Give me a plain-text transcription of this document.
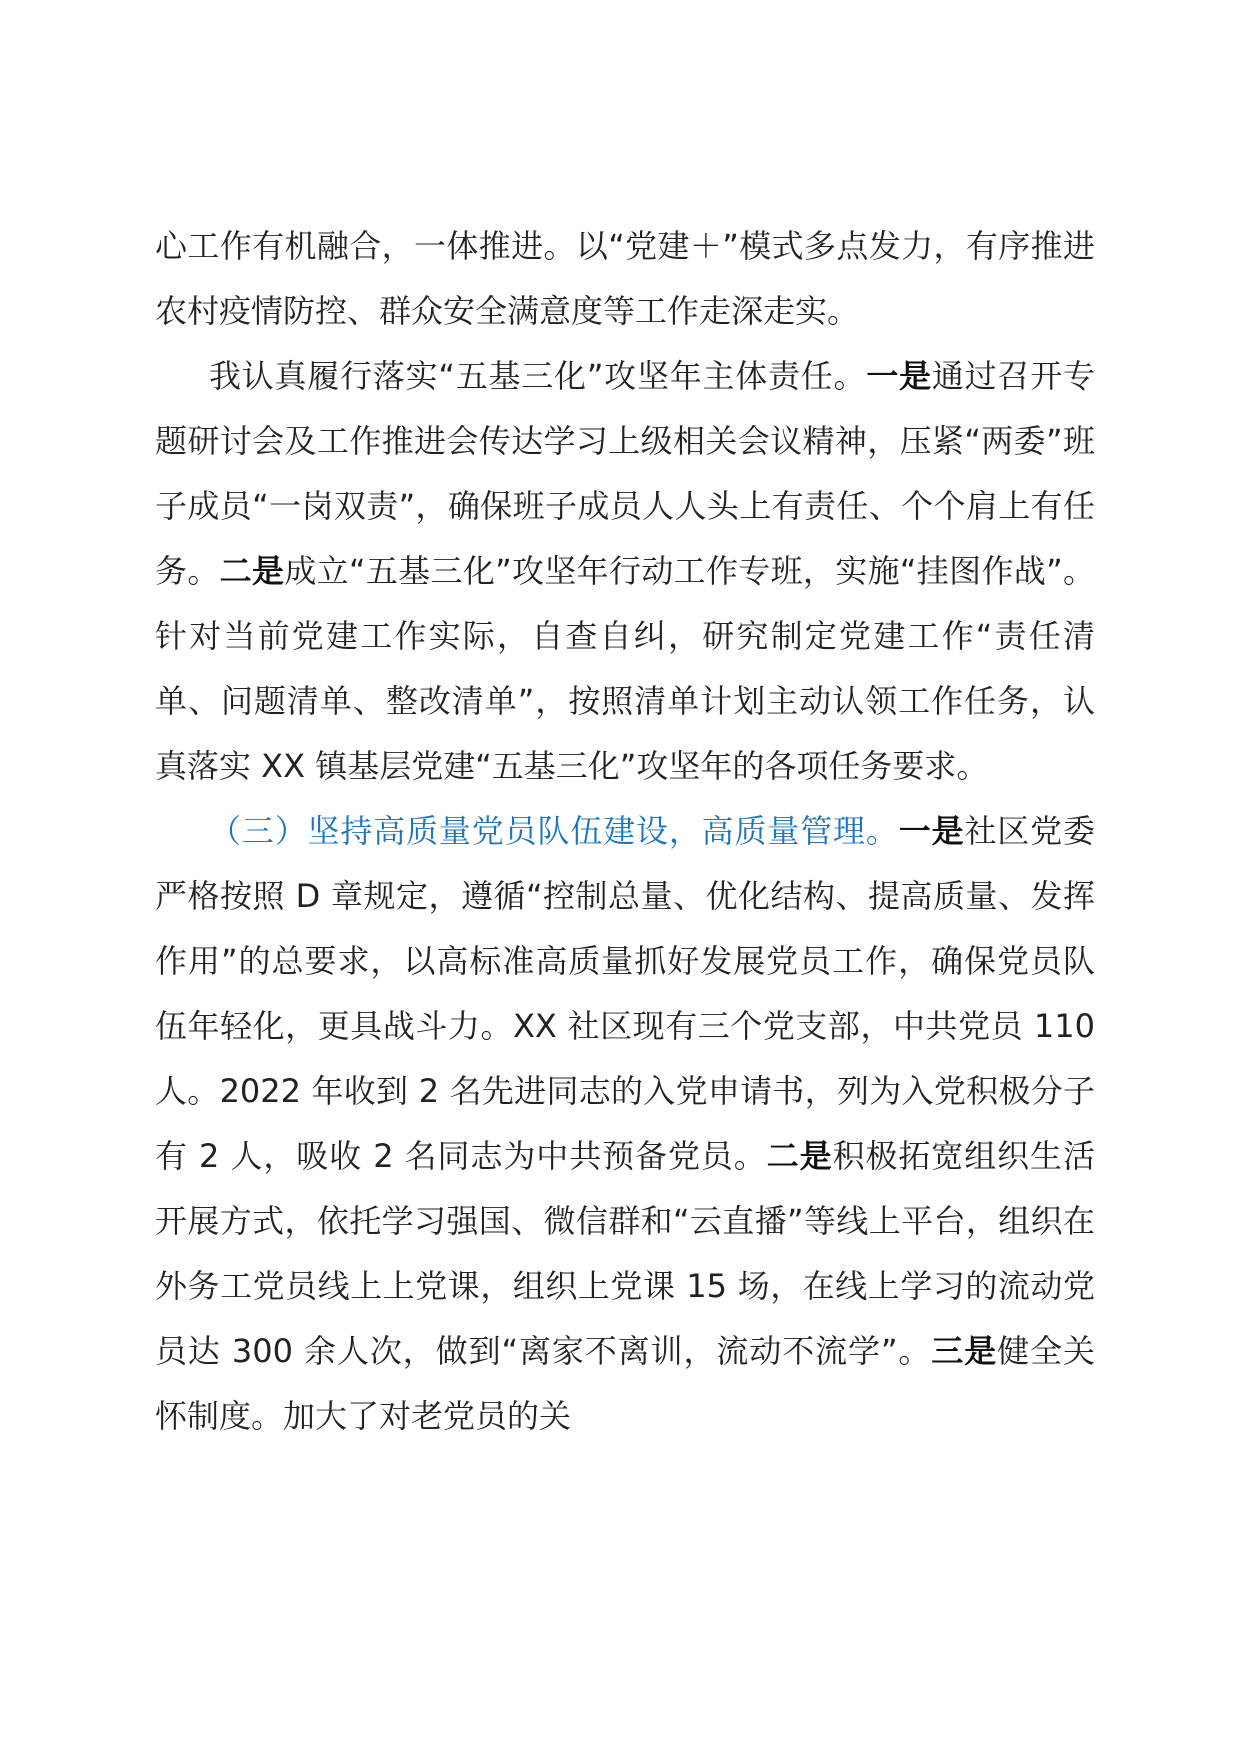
心工作有机融合，一体推进。以“党建＋”模式多点发力，有序推进农村疫情防控、群众安全满意度等工作走深走实。

我认真履行落实“五基三化”攻坚年主体责任。一是通过召开专题研讨会及工作推进会传达学习上级相关会议精神，压紧“两委”班子成员“一岗双责”，确保班子成员人人头上有责任、个个肩上有任务。二是成立“五基三化”攻坚年行动工作专班，实施“挂图作战”。针对当前党建工作实际，自查自纠，研究制定党建工作“责任清单、问题清单、整改清单”，按照清单计划主动认领工作任务，认真落实 XX 镇基层党建“五基三化”攻坚年的各项任务要求。

（三）坚持高质量党员队伍建设，高质量管理。一是社区党委严格按照 D 章规定，遵循“控制总量、优化结构、提高质量、发挥作用”的总要求，以高标准高质量抓好发展党员工作，确保党员队伍年轻化，更具战斗力。XX 社区现有三个党支部，中共党员 110 人。2022 年收到 2 名先进同志的入党申请书，列为入党积极分子有 2 人，吸收 2 名同志为中共预备党员。二是积极拓宽组织生活开展方式，依托学习强国、微信群和“云直播”等线上平台，组织在外务工党员线上上党课，组织上党课 15 场，在线上学习的流动党员达 300 余人次，做到“离家不离训，流动不流学”。三是健全关怀制度。加大了对老党员的关
